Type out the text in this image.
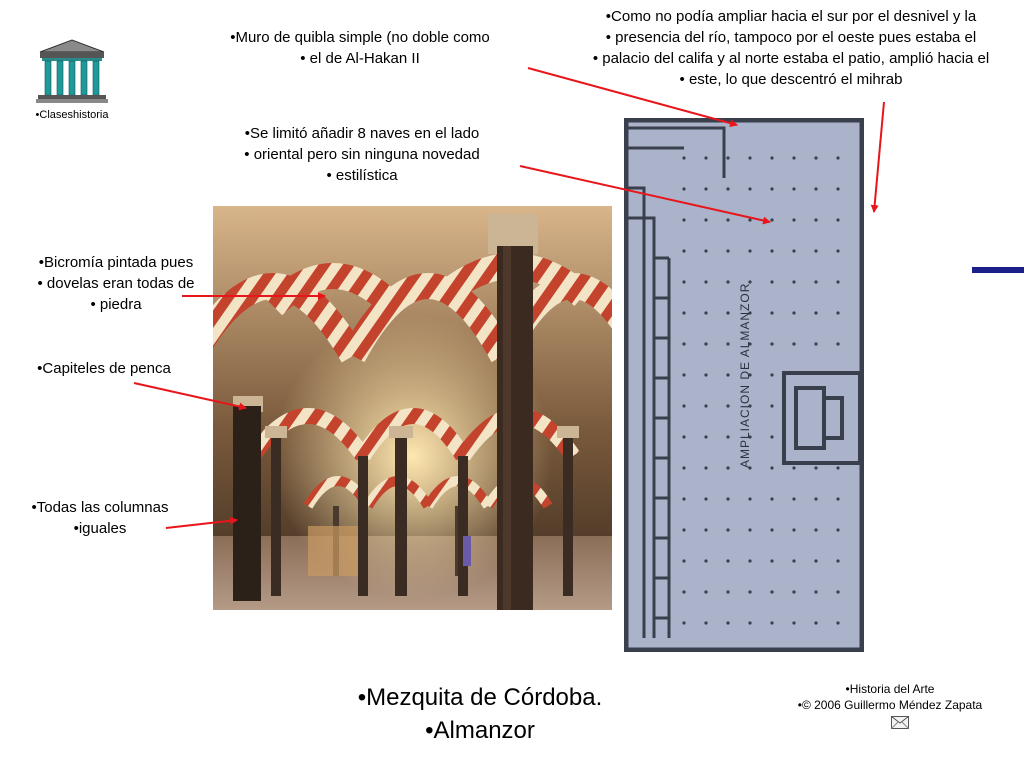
•Claseshistoria
•Como no podía ampliar hacia el sur por el desnivel y la
• presencia del río, tampoco por el oeste pues estaba el
• palacio del califa y al norte estaba el patio, amplió hacia el
• este, lo que descentró el mihrab
•Muro de quibla simple (no doble como
• el de Al-Hakan II
•Se limitó añadir 8 naves en el lado
• oriental pero sin ninguna novedad
• estilística
•Bicromía pintada pues
• dovelas eran todas de
• piedra
•Capiteles de penca
•Todas las columnas
•iguales
AMPLIACION DE ALMANZOR
•Mezquita de Córdoba.
•Almanzor
•Historia del Arte
•© 2006 Guillermo Méndez Zapata
